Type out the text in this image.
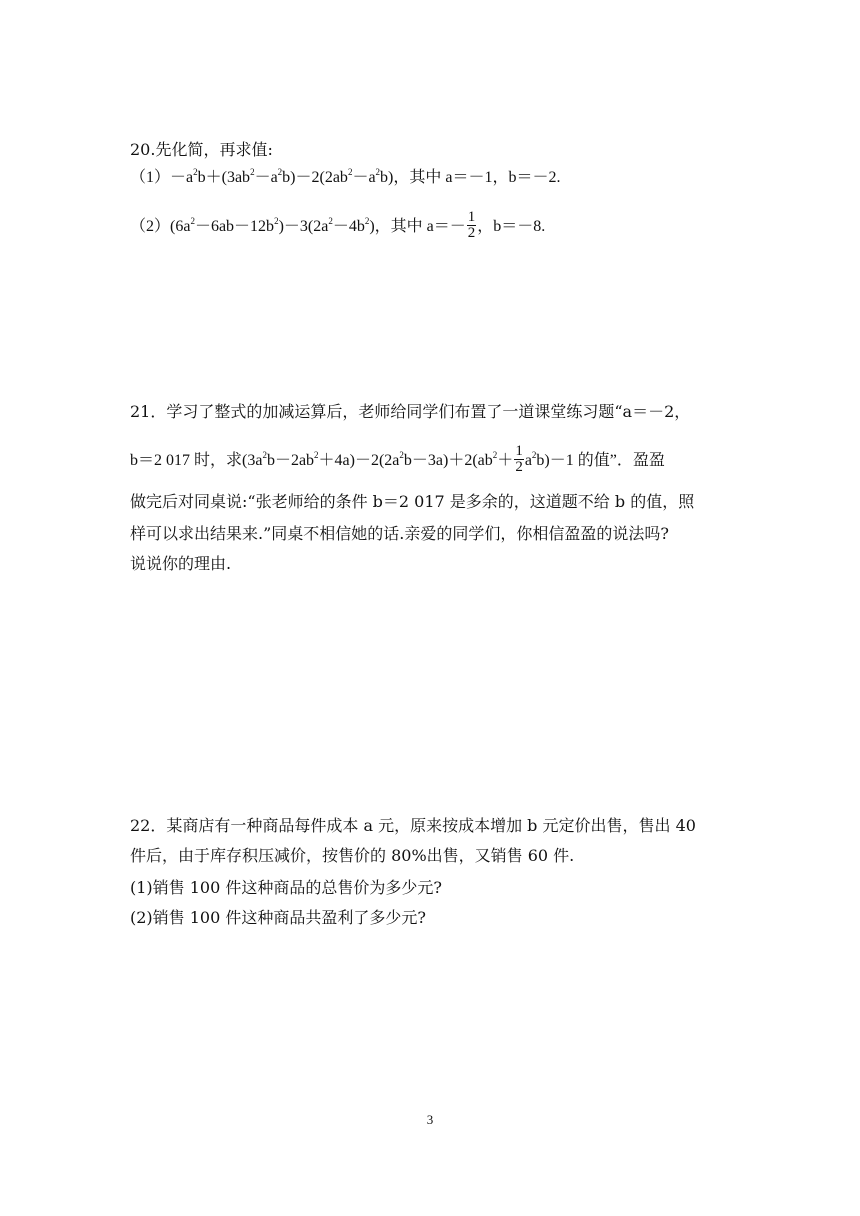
20.先化简，再求值:
$(1)-a^2b+(3ab^2-a^2b)-2(2ab^2-a^2b)$，其中 a＝－1，b＝－2.
$(2)(6a^2-6ab-12b^2)-3(2a^2-4b^2)$，其中 $a=- \frac{1}{2}$ ，b＝－8.
21．学习了整式的加减运算后，老师给同学们布置了一道课堂练习题“a＝－2，
b＝2 017 时，求$(3a^2b-2ab^2+4a)-2(2a^2b-3a)+2(ab^2+ \frac{1}{2} a^2b)-1$ 的值”．盈盈
做完后对同桌说:“张老师给的条件 b＝2 017 是多余的，这道题不给 b 的值，照
样可以求出结果来.”同桌不相信她的话.亲爱的同学们，你相信盈盈的说法吗?
说说你的理由.
22．某商店有一种商品每件成本 a 元，原来按成本增加 b 元定价出售，售出 40
件后，由于库存积压减价，按售价的 80%出售，又销售 60 件.
(1)销售 100 件这种商品的总售价为多少元?
(2)销售 100 件这种商品共盈利了多少元?
3
